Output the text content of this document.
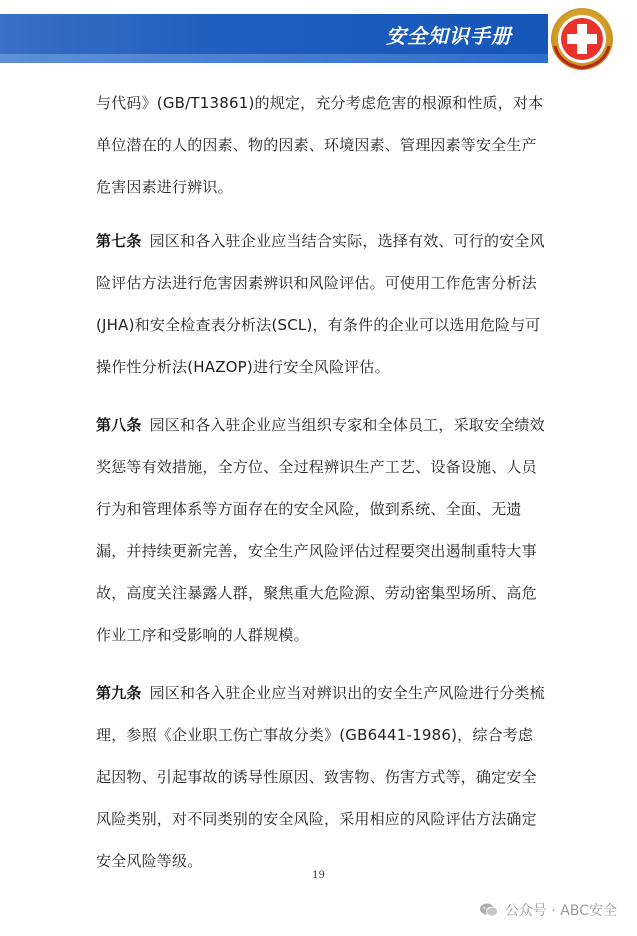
安全知识手册

与代码》(GB/T13861)的规定，充分考虑危害的根源和性质，对本单位潜在的人的因素、物的因素、环境因素、管理因素等安全生产危害因素进行辨识。

第七条 园区和各入驻企业应当结合实际，选择有效、可行的安全风险评估方法进行危害因素辨识和风险评估。可使用工作危害分析法(JHA)和安全检查表分析法(SCL)，有条件的企业可以选用危险与可操作性分析法(HAZOP)进行安全风险评估。

第八条 园区和各入驻企业应当组织专家和全体员工，采取安全绩效奖惩等有效措施，全方位、全过程辨识生产工艺、设备设施、人员行为和管理体系等方面存在的安全风险，做到系统、全面、无遗漏，并持续更新完善，安全生产风险评估过程要突出遏制重特大事故，高度关注暴露人群，聚焦重大危险源、劳动密集型场所、高危作业工序和受影响的人群规模。

第九条 园区和各入驻企业应当对辨识出的安全生产风险进行分类梳理，参照《企业职工伤亡事故分类》(GB6441-1986)，综合考虑起因物、引起事故的诱导性原因、致害物、伤害方式等，确定安全风险类别，对不同类别的安全风险，采用相应的风险评估方法确定安全风险等级。

19
公众号 · ABC安全
